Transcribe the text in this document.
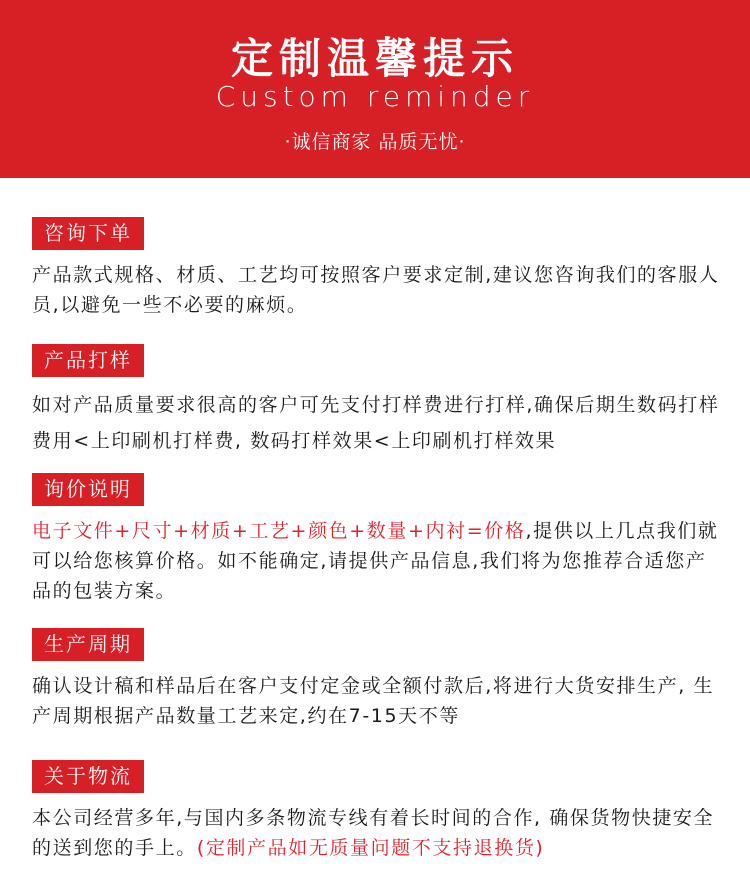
定制温馨提示
Custom reminder
·诚信商家 品质无忧·
咨询下单
产品款式规格、材质、工艺均可按照客户要求定制,建议您咨询我们的客服人员,以避免一些不必要的麻烦。
产品打样
如对产品质量要求很高的客户可先支付打样费进行打样,确保后期生数码打样费用<上印刷机打样费, 数码打样效果<上印刷机打样效果
询价说明
电子文件+尺寸+材质+工艺+颜色+数量+内衬=价格,提供以上几点我们就可以给您核算价格。如不能确定,请提供产品信息,我们将为您推荐合适您产品的包装方案。
生产周期
确认设计稿和样品后在客户支付定金或全额付款后,将进行大货安排生产, 生产周期根据产品数量工艺来定,约在7-15天不等
关于物流
本公司经营多年,与国内多条物流专线有着长时间的合作, 确保货物快捷安全的送到您的手上。(定制产品如无质量问题不支持退换货)
